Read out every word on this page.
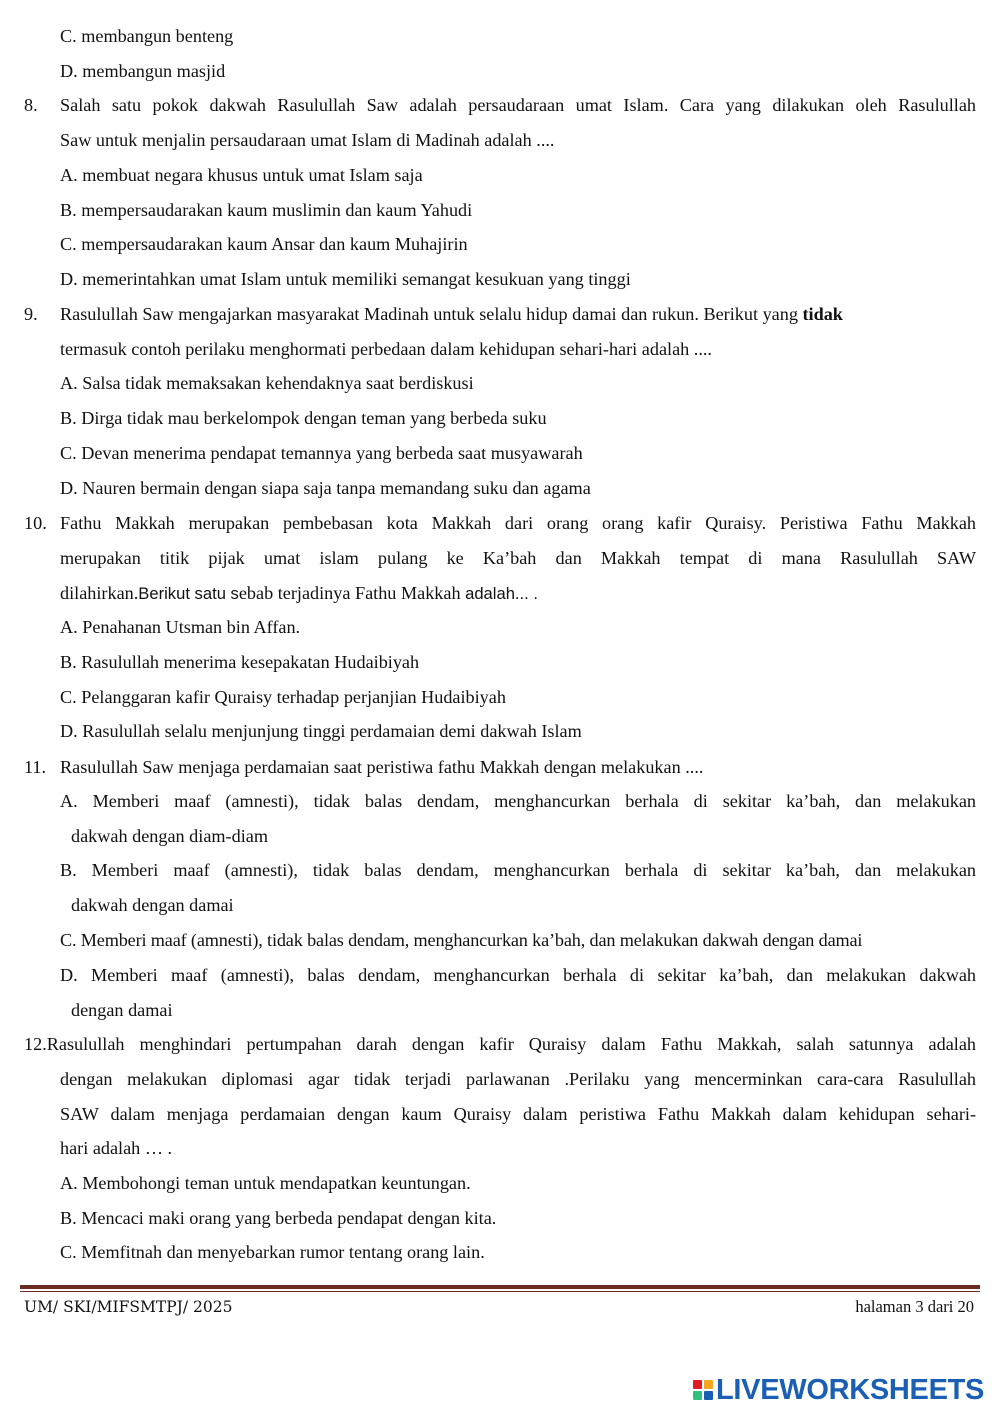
C. membangun benteng
D. membangun masjid
8. Salah satu pokok dakwah Rasulullah Saw adalah persaudaraan umat Islam. Cara yang dilakukan oleh Rasulullah
Saw untuk menjalin persaudaraan umat Islam di Madinah adalah ....
A. membuat negara khusus untuk umat Islam saja
B. mempersaudarakan kaum muslimin dan kaum Yahudi
C. mempersaudarakan kaum Ansar dan kaum Muhajirin
D. memerintahkan umat Islam untuk memiliki semangat kesukuan yang tinggi
9. Rasulullah Saw mengajarkan masyarakat Madinah untuk selalu hidup damai dan rukun. Berikut yang tidak
termasuk contoh perilaku menghormati perbedaan dalam kehidupan sehari-hari adalah ....
A. Salsa tidak memaksakan kehendaknya saat berdiskusi
B. Dirga tidak mau berkelompok dengan teman yang berbeda suku
C. Devan menerima pendapat temannya yang berbeda saat musyawarah
D. Nauren bermain dengan siapa saja tanpa memandang suku dan agama
10. Fathu Makkah merupakan pembebasan kota Makkah dari orang orang kafir Quraisy. Peristiwa Fathu Makkah
merupakan titik pijak umat islam pulang ke Ka’bah dan Makkah tempat di mana Rasulullah SAW
dilahirkan.Berikut satu sebab terjadinya Fathu Makkah adalah... .
A. Penahanan Utsman bin Affan.
B. Rasulullah menerima kesepakatan Hudaibiyah
C. Pelanggaran kafir Quraisy terhadap perjanjian Hudaibiyah
D. Rasulullah selalu menjunjung tinggi perdamaian demi dakwah Islam
11. Rasulullah Saw menjaga perdamaian saat peristiwa fathu Makkah dengan melakukan ....
A. Memberi maaf (amnesti), tidak balas dendam, menghancurkan berhala di sekitar ka’bah, dan melakukan
dakwah dengan diam-diam
B. Memberi maaf (amnesti), tidak balas dendam, menghancurkan berhala di sekitar ka’bah, dan melakukan
dakwah dengan damai
C. Memberi maaf (amnesti), tidak balas dendam, menghancurkan ka’bah, dan melakukan dakwah dengan damai
D. Memberi maaf (amnesti), balas dendam, menghancurkan berhala di sekitar ka’bah, dan melakukan dakwah
dengan damai
12.Rasulullah menghindari pertumpahan darah dengan kafir Quraisy dalam Fathu Makkah, salah satunnya adalah
dengan melakukan diplomasi agar tidak terjadi parlawanan .Perilaku yang mencerminkan cara-cara Rasulullah
SAW dalam menjaga perdamaian dengan kaum Quraisy dalam peristiwa Fathu Makkah dalam kehidupan sehari-
hari adalah … .
A. Membohongi teman untuk mendapatkan keuntungan.
B. Mencaci maki orang yang berbeda pendapat dengan kita.
C. Memfitnah dan menyebarkan rumor tentang orang lain.
UM/ SKI/MIFSMTPJ/ 2025	halaman 3 dari 20
LIVEWORKSHEETS
